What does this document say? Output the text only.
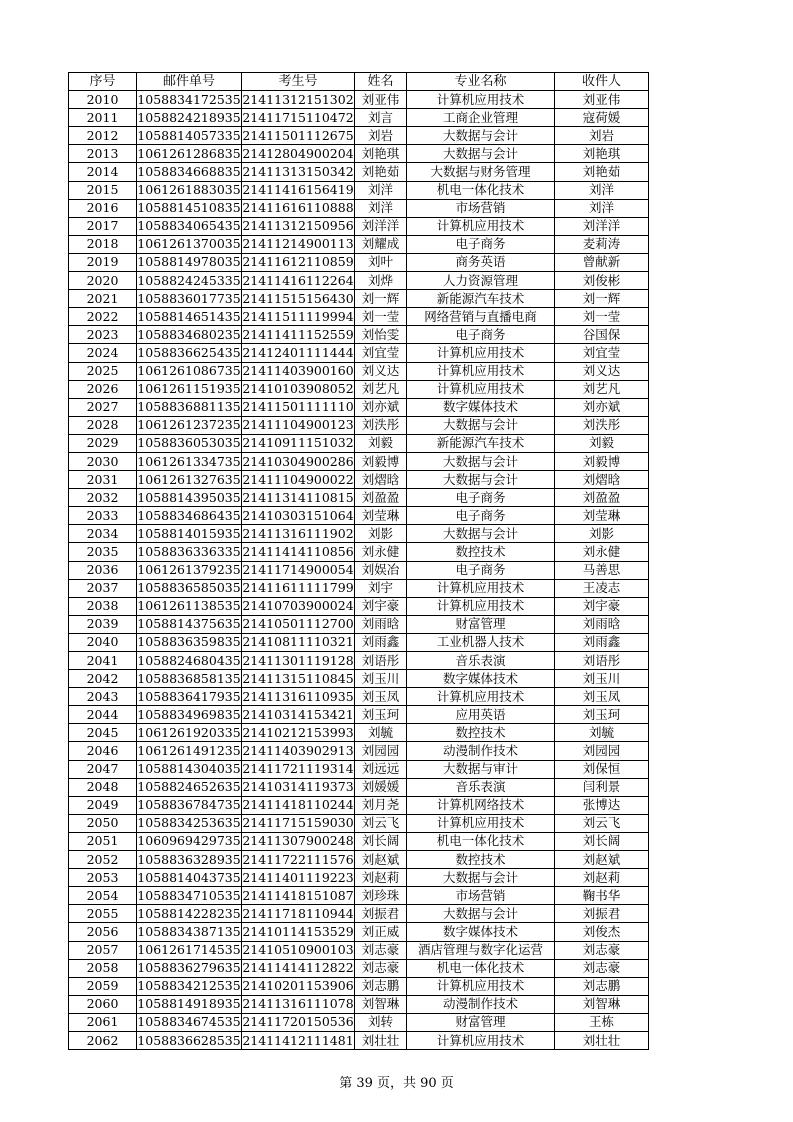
序号	邮件单号	考生号	姓名	专业名称	收件人
2010	1058834172535	21411312151302	刘亚伟	计算机应用技术	刘亚伟
2011	1058824218935	21411715110472	刘言	工商企业管理	寇荷媛
2012	1058814057335	21411501112675	刘岩	大数据与会计	刘岩
2013	1061261286835	21412804900204	刘艳琪	大数据与会计	刘艳琪
2014	1058834668835	21411313150342	刘艳茹	大数据与财务管理	刘艳茹
2015	1061261883035	21411416156419	刘洋	机电一体化技术	刘洋
2016	1058814510835	21411616110888	刘洋	市场营销	刘洋
2017	1058834065435	21411312150956	刘洋洋	计算机应用技术	刘洋洋
2018	1061261370035	21411214900113	刘耀成	电子商务	麦莉涛
2019	1058814978035	21411612110859	刘叶	商务英语	曾献新
2020	1058824245335	21411416112264	刘烨	人力资源管理	刘俊彬
2021	1058836017735	21411515156430	刘一辉	新能源汽车技术	刘一辉
2022	1058814651435	21411511119994	刘一莹	网络营销与直播电商	刘一莹
2023	1058834680235	21411411152559	刘怡雯	电子商务	谷国保
2024	1058836625435	21412401111444	刘宜莹	计算机应用技术	刘宜莹
2025	1061261086735	21411403900160	刘义达	计算机应用技术	刘义达
2026	1061261151935	21410103908052	刘艺凡	计算机应用技术	刘艺凡
2027	1058836881135	21411501111110	刘亦斌	数字媒体技术	刘亦斌
2028	1061261237235	21411104900123	刘泆彤	大数据与会计	刘泆彤
2029	1058836053035	21410911151032	刘毅	新能源汽车技术	刘毅
2030	1061261334735	21410304900286	刘毅博	大数据与会计	刘毅博
2031	1061261327635	21411104900022	刘熠晗	大数据与会计	刘熠晗
2032	1058814395035	21411314110815	刘盈盈	电子商务	刘盈盈
2033	1058834686435	21410303151064	刘莹琳	电子商务	刘莹琳
2034	1058814015935	21411316111902	刘影	大数据与会计	刘影
2035	1058836336335	21411414110856	刘永健	数控技术	刘永健
2036	1061261379235	21411714900054	刘娱冶	电子商务	马善思
2037	1058836585035	21411611111799	刘宇	计算机应用技术	王凌志
2038	1061261138535	21410703900024	刘宇豪	计算机应用技术	刘宇豪
2039	1058814375635	21410501112700	刘雨晗	财富管理	刘雨晗
2040	1058836359835	21410811110321	刘雨鑫	工业机器人技术	刘雨鑫
2041	1058824680435	21411301119128	刘语彤	音乐表演	刘语彤
2042	1058836858135	21411315110845	刘玉川	数字媒体技术	刘玉川
2043	1058836417935	21411316110935	刘玉凤	计算机应用技术	刘玉凤
2044	1058834969835	21410314153421	刘玉珂	应用英语	刘玉珂
2045	1061261920335	21410212153993	刘毓	数控技术	刘毓
2046	1061261491235	21411403902913	刘园园	动漫制作技术	刘园园
2047	1058814304035	21411721119314	刘远远	大数据与审计	刘保恒
2048	1058824652635	21410314119373	刘媛媛	音乐表演	闫利景
2049	1058836784735	21411418110244	刘月尧	计算机网络技术	张博达
2050	1058834253635	21411715159030	刘云飞	计算机应用技术	刘云飞
2051	1060969429735	21411307900248	刘长阔	机电一体化技术	刘长阔
2052	1058836328935	21411722111576	刘赵斌	数控技术	刘赵斌
2053	1058814043735	21411401119223	刘赵莉	大数据与会计	刘赵莉
2054	1058834710535	21411418151087	刘珍珠	市场营销	鞠书华
2055	1058814228235	21411718110944	刘振君	大数据与会计	刘振君
2056	1058834387135	21410114153529	刘正威	数字媒体技术	刘俊杰
2057	1061261714535	21410510900103	刘志豪	酒店管理与数字化运营	刘志豪
2058	1058836279635	21411414112822	刘志豪	机电一体化技术	刘志豪
2059	1058834212535	21410201153906	刘志鹏	计算机应用技术	刘志鹏
2060	1058814918935	21411316111078	刘智琳	动漫制作技术	刘智琳
2061	1058834674535	21411720150536	刘转	财富管理	王栋
2062	1058836628535	21411412111481	刘壮壮	计算机应用技术	刘壮壮
第 39 页，共 90 页
